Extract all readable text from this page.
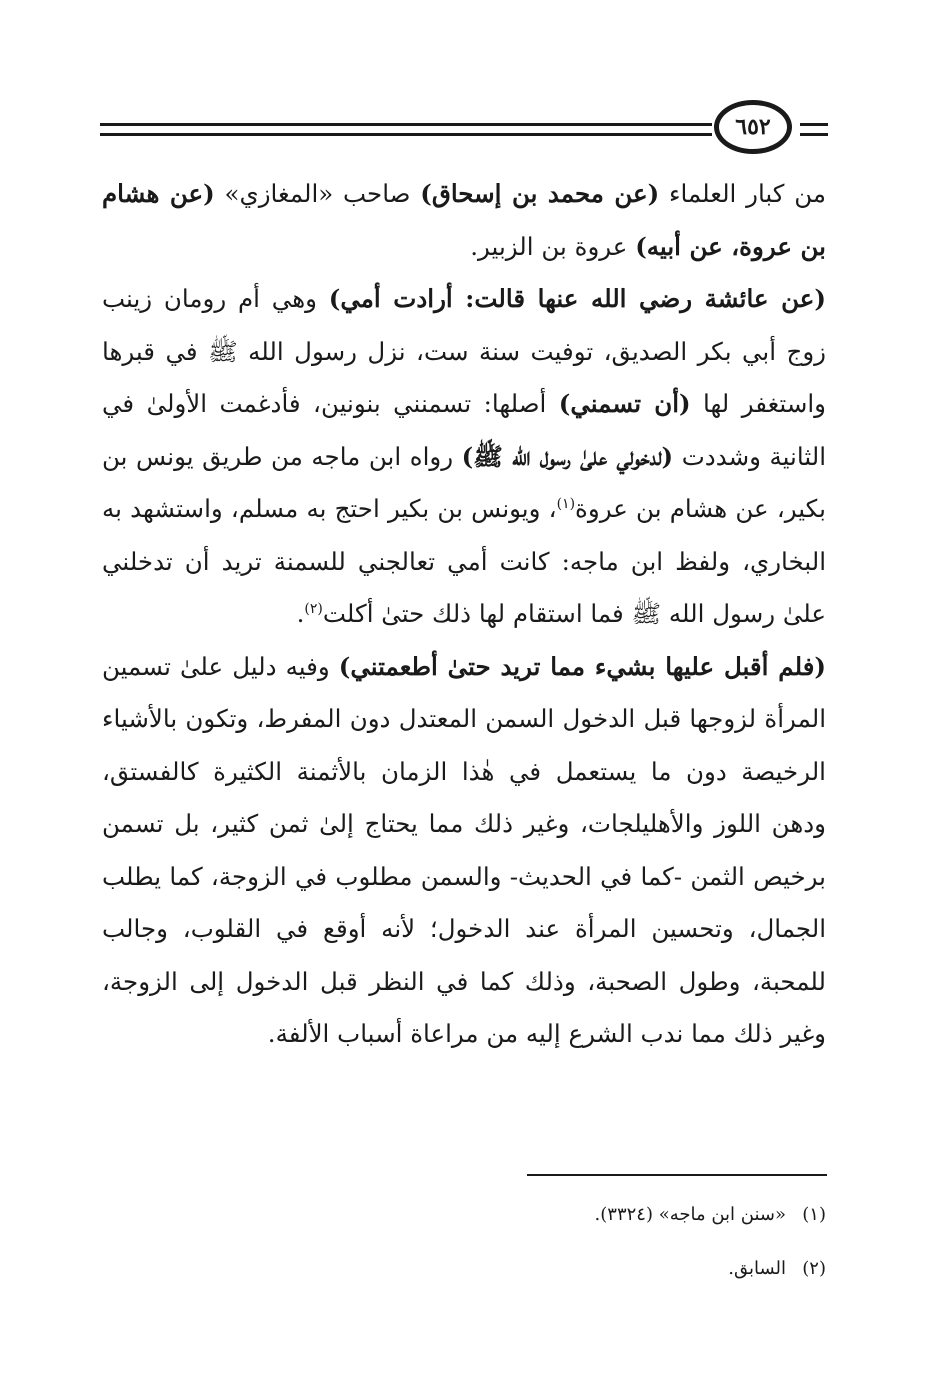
٦٥٢

من كبار العلماء (عن محمد بن إسحاق) صاحب «المغازي» (عن هشام بن عروة، عن أبيه) عروة بن الزبير.

(عن عائشة رضي الله عنها قالت: أرادت أمي) وهي أم رومان زينب زوج أبي بكر الصديق، توفيت سنة ست، نزل رسول الله ﷺ في قبرها واستغفر لها (أن تسمني) أصلها: تسمنني بنونين، فأدغمت الأولىٰ في الثانية وشددت (لدخولي علىٰ رسول الله ﷺ) رواه ابن ماجه من طريق يونس بن بكير، عن هشام بن عروة$^{(١)}$، ويونس بن بكير احتج به مسلم، واستشهد به البخاري، ولفظ ابن ماجه: كانت أمي تعالجني للسمنة تريد أن تدخلني علىٰ رسول الله ﷺ فما استقام لها ذلك حتىٰ أكلت$^{(٢)}$.

(فلم أقبل عليها بشيء مما تريد حتىٰ أطعمتني) وفيه دليل علىٰ تسمين المرأة لزوجها قبل الدخول السمن المعتدل دون المفرط، وتكون بالأشياء الرخيصة دون ما يستعمل في هٰذا الزمان بالأثمنة الكثيرة كالفستق، ودهن اللوز والأهليلجات، وغير ذلك مما يحتاج إلىٰ ثمن كثير، بل تسمن برخيص الثمن -كما في الحديث- والسمن مطلوب في الزوجة، كما يطلب الجمال، وتحسين المرأة عند الدخول؛ لأنه أوقع في القلوب، وجالب للمحبة، وطول الصحبة، وذلك كما في النظر قبل الدخول إلى الزوجة، وغير ذلك مما ندب الشرع إليه من مراعاة أسباب الألفة.

(١)«سنن ابن ماجه» (٣٣٢٤).

(٢)السابق.
